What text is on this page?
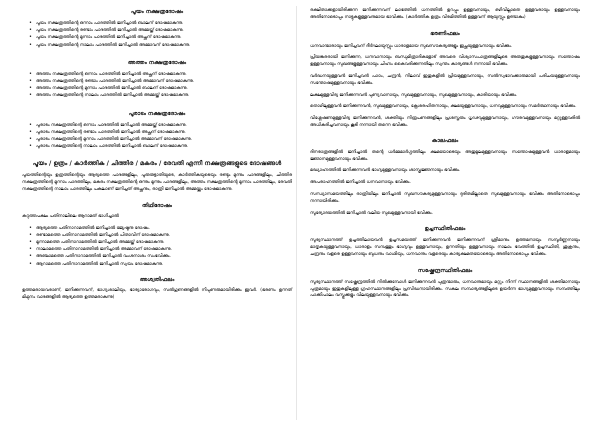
പൂയം നക്ഷത്രദോഷം
• പൂയം നക്ഷത്രത്തിന്റെ ഒന്നാം പാദത്തില്‍ ജനിച്ചാല്‍ ബാലന് ദോഷമാകുന്നു.
• പൂയം നക്ഷത്രത്തിന്റെ രണ്ടാം പാദത്തില്‍ ജനിച്ചാല്‍ അമ്മയ്ക്ക് ദോഷമാകുന്നു.
• പൂയം നക്ഷത്രത്തിന്റെ മൂന്നാം പാദത്തില്‍ ജനിച്ചാല്‍ അച്ഛന് ദോഷമാകുന്നു.
• പൂയം നക്ഷത്രത്തിന്റെ നാലാം പാദത്തില്‍ ജനിച്ചാല്‍ അമ്മാവന് ദോഷമാകുന്നു.
അത്തം നക്ഷത്രദോഷം
• അത്തം നക്ഷത്രത്തിന്റെ ഒന്നാം പാദത്തില്‍ ജനിച്ചാല്‍ അച്ഛന് ദോഷമാകുന്നു.
• അത്തം നക്ഷത്രത്തിന്റെ രണ്ടാം പാദത്തില്‍ ജനിച്ചാല്‍ അമ്മാവന് ദോഷമാകുന്നു.
• അത്തം നക്ഷത്രത്തിന്റെ മൂന്നാം പാദത്തില്‍ ജനിച്ചാല്‍ ബാലന് ദോഷമാകുന്നു.
• അത്തം നക്ഷത്രത്തിന്റെ നാലാം പാദത്തില്‍ ജനിച്ചാല്‍ അമ്മയ്ക്ക് ദോഷമാകുന്നു.
പൂരാടം നക്ഷത്രദോഷം
• പൂരാടം നക്ഷത്രത്തിന്റെ ഒന്നാം പാദത്തില്‍ ജനിച്ചാല്‍ അമ്മയ്ക്ക് ദോഷമാകുന്നു.
• പൂരാടം നക്ഷത്രത്തിന്റെ രണ്ടാം പാദത്തില്‍ ജനിച്ചാല്‍ അച്ഛന് ദോഷമാകുന്നു.
• പൂരാടം നക്ഷത്രത്തിന്റെ മൂന്നാം പാദത്തില്‍ ജനിച്ചാല്‍ അമ്മാവന് ദോഷമാകുന്നു.
• പൂരാടം നക്ഷത്രത്തിന്റെ നാലാം പാദത്തില്‍ ജനിച്ചാല്‍ ബാലന് ദോഷമാകുന്നു.
പൂയം / ഉത്രം / കാർത്തിക / ചിത്തിര / മകരം / രേവതി എന്നീ നക്ഷത്രങ്ങളുടെ ദോഷങ്ങള്‍

പൂയത്തിന്റെയും ഉത്രത്തിന്റെയും ആദ്യത്തെ പാദങ്ങളിലും, പൂരുരുട്ടാതിയുടെ, കാർത്തികയുടെയും രണ്ടും മൂന്നും പാദങ്ങളിലും, ചിത്തിര നക്ഷത്രത്തിന്റെ മൂന്നാം പാദത്തിലും, മകരം നക്ഷത്രത്തിന്റെ ഒന്നും മൂന്നും പാദങ്ങളിലും, അത്തം നക്ഷത്രത്തിന്റെ മൂന്നാം പാദത്തിലും, രേവതി നക്ഷത്രത്തിന്റെ നാലാം പാദത്തിലും പകലാണ് ജനിച്ചത് അച്ഛനും, രാത്രി ജനിച്ചാല്‍ അമ്മയ്ക്കും ദോഷമാകുന്നു.

തിഥിദോഷം

കറുത്തപക്ഷം പതിനാലിലെ ആറാമത് ഭാഗിച്ചാല്‍

• ആദ്യത്തെ പതിനാറാമത്തില്‍ ജനിച്ചാല്‍ ജ്യേഷ്ഠനു ദോഷം.
• രണ്ടാമത്തെ പതിനാറാമത്തില്‍ ജനിച്ചാല്‍ പിതാവിന് ദോഷമാകുന്നു.
• മൂന്നാമത്തെ പതിനാറാമത്തില്‍ ജനിച്ചാല്‍ അമ്മയ്ക്ക് ദോഷമാകുന്നു.
• നാലാമത്തെ പതിനാറാമത്തില്‍ ജനിച്ചാല്‍ അമ്മാവന് ദോഷമാകുന്നു.
• അഞ്ചാമത്തെ പതിനാറാമത്തില്‍ ജനിച്ചാല്‍ വംശനാശം സംഭവിക്കും.
• ആറാമത്തെ പതിനാറാമത്തില്‍ ജനിച്ചാല്‍ സ്വയം ദോഷമാകുന്നു.
അശ്വതിഫലം

ഉത്തമരായവരാണ്, ജനിക്കുന്നവന്, ഭാഗ്യശാലിയും, ഭാര്യാരോഗവും, സൽഗുണങ്ങളിൽ നിപുണരുമായിരിക്കും ഇവർ. (ഭരണം ഉന്നത് മിഥുനം വാദങ്ങളില്‍ ആദ്യത്തെ ഉത്തമരാകുന്നു)

രക്ഷിതാക്കളായിരിക്കുന്ന ജനിക്കുന്നവന് ലാഭത്തിൽ ധനത്തിൽ ഉറപ്പും ഉള്ളവനായും, ഒഴിവില്ലാതെ ഉള്ളവരായും ഉള്ളവനായും അതിനോടൊപ്പം നാട്ടുകളുള്ളവനുമായ ഭാവിക്കും. (കാർത്തിക ഉത്രം വിരമിത്തിൽ ഉള്ളവന് ആയുസ്സും ഉണ്ടാകും)

ഭരണിഫലം

ധനവാന്മാരായും ജനിച്ചവന് ദീര്‍ഘായുസ്സും ധാരാളമായ സുഖസൗകര്യങ്ങളും ഇച്ഛയുള്ളവനായും ഭവിക്കും.

പ്രിയങ്കരരായി ജനിക്കുന്ന, ധനവാനായും ബന്ധുമിത്രാദികളോട് അവരെ വിശ്വാസപാത്രങ്ങളിലൂടെ അരുതുകളുള്ളവനായും സന്തോഷം ഉള്ളവനായും സുഖങ്ങളുള്ളവനായും ചിഹ്നം കൈവരിക്കുന്നതിലും സ്വന്തം കാര്യങ്ങള്‍ നന്നായി ഭവിക്കും.

വർദ്ധനയുള്ളവന്‍ ജനിച്ചവന്‍ പാഠം, ചന്ദ്രന്‍, നിലാവ് ഇതുകളില്‍ പ്രിയമുള്ളവനായും, സല്‍സ്വഭാവക്കാരുമായി പരിചയമുള്ളവനായും സന്തോഷമുള്ളവനായും ഭവിക്കും.

ലക്ഷമുള്ളവിദ്യ ജനിക്കുന്നവന്‍ പുണ്യവാനായും, സുഖമുള്ളവനായും, സുഖമുള്ളവനായും, കാരിയായും ഭവിക്കും.

തൊഴിലുള്ളവന്‍ ജനിക്കുന്നവന്‍, സുഖമുള്ളവനായും, ക്ലേശരഹിതനായും, ക്ഷമയുള്ളവനായും, ധനവുമുള്ളവനായും സമർത്ഥനായും ഭവിക്കും.

വിശ്ലേഷണമുള്ളവിദ്യ ജനിക്കുന്നവന്‍, ശക്തിയും നിരൂപണങ്ങളിലും പ്രശസ്തരും ധൃഢവുമുള്ളവനായും, ഗൗരവമുള്ളവനായും മറ്റുള്ളവരില്‍ അധികരിച്ചവനായും കൂടി നന്നായി തന്നെ ഭവിക്കും.

കാലഫലം

ദിനരാത്രങ്ങളില്‍ ജനിച്ചാല്‍ തന്റെ ധർമ്മമാർഗ്ഗത്തിലും ക്ഷമയോടെയും അതുമൂലമുള്ളവനായും സന്തോഷമുള്ളവന്‍ ധാരാളമായും ജ്ഞാനമുള്ളവനായും ഭവിക്കും.

മദ്ധ്യാഹ്നത്തില്‍ ജനിക്കുന്നവന്‍ ഭാഗ്യമുള്ളവനായും ശാസ്ത്രജ്ഞനായും ഭവിക്കും.

അപരാഹ്നത്തില്‍ ജനിച്ചാല്‍ ധനവാനായും ഭവിക്കും.

സന്ധ്യാസമയത്തിലും രാത്രിയിലും ജനിച്ചാല്‍ സുഖസൗകര്യമുള്ളവനായും ദുരിതമില്ലാതെ സുഖമുള്ളവനായും ഭവിക്കും അതിനോടൊപ്പം നന്നായിരിക്കും.

സൂര്യോദയത്തില്‍ ജനിച്ചാല്‍ വലിയ സുഖമുള്ളവനായി ഭവിക്കും.

ഉച്ചസ്ഥിതിഫലം

സൂര്യസ്ഥാനത്ത് ഉച്ചത്തിലായവൻ ഉച്ചസമയത്ത് ജനിക്കുന്നവന്‍ ജനിക്കുന്നവന് ശ്രീമാനും ഉത്തമനായും സമ്പൂർണ്ണനായും മാതൃകയുള്ളവനായും, ധാരാളം സമ്പത്തും ഭാഗ്യവും ഉള്ളവനായും, ഉന്നതിയും ഉള്ളവനായും നാലാം ഭവത്തില്‍ ഉച്ചസ്ഥിതി, ശുക്രനും, ചന്ദ്രനും വളരെ ഉള്ളവനായും ബുധനും വാഗ്മിയും, ധനവാനും വളരെയും കാര്യക്ഷമതയോടെയും അതിനോടൊപ്പം ഭവിക്കും.

സഷ്ക്കേന്ദ്രസ്ഥിതിഫലം

സൂര്യസ്ഥാനത്ത് സഷ്ക്കേന്ദ്രത്തിൽ നിൽക്കുമ്പോള്‍ ജനിക്കുന്നവന്‍ പുത്രന്മാരും, ധനവാനുമായും മറ്റും നിന്ന് സ്ഥാനങ്ങളില്‍ ശക്തിമാനായും പുത്രമായും ഇതുകളിലുള്ള ഗ്രഹസ്ഥാനങ്ങളിലും പ്രസിദ്ധനായിരിക്കും. സകല സമ്പാദ്യങ്ങളിലൂടെ ഉയർന്ന ഭാഗ്യമുള്ളവനായും സമ്പത്തിലും പാക്കിപാലം വസ്തുക്കളും വിലയുള്ളവനായും ഭവിക്കും.
